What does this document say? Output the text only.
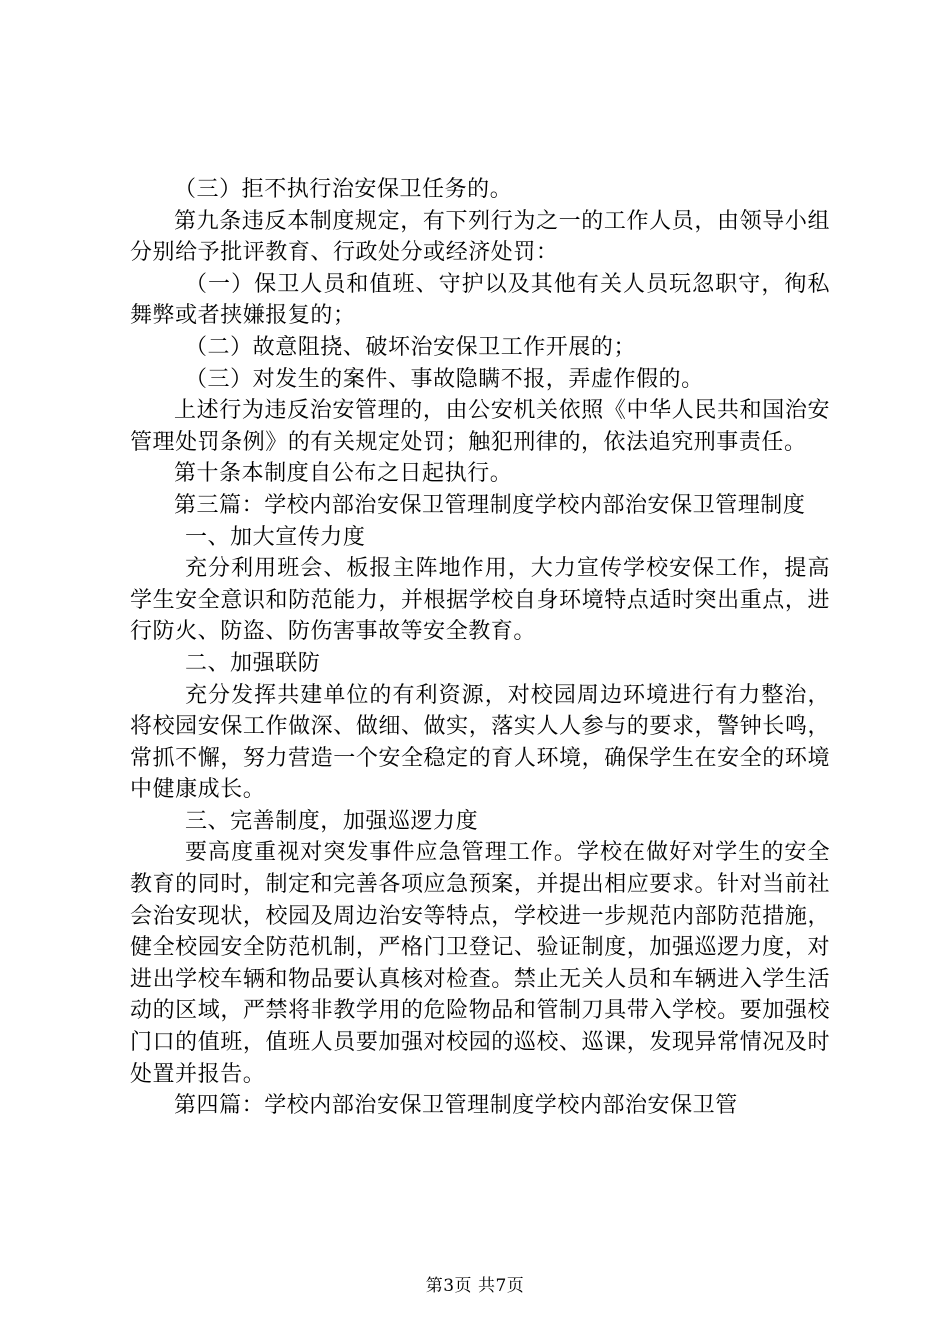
（三）拒不执行治安保卫任务的。

第九条违反本制度规定，有下列行为之一的工作人员，由领导小组分别给予批评教育、行政处分或经济处罚：

（一）保卫人员和值班、守护以及其他有关人员玩忽职守，徇私舞弊或者挟嫌报复的；

（二）故意阻挠、破坏治安保卫工作开展的；

（三）对发生的案件、事故隐瞒不报，弄虚作假的。

上述行为违反治安管理的，由公安机关依照《中华人民共和国治安管理处罚条例》的有关规定处罚；触犯刑律的，依法追究刑事责任。

第十条本制度自公布之日起执行。

第三篇：学校内部治安保卫管理制度学校内部治安保卫管理制度

一、加大宣传力度

充分利用班会、板报主阵地作用，大力宣传学校安保工作，提高学生安全意识和防范能力，并根据学校自身环境特点适时突出重点，进行防火、防盗、防伤害事故等安全教育。

二、加强联防

充分发挥共建单位的有利资源，对校园周边环境进行有力整治，将校园安保工作做深、做细、做实，落实人人参与的要求，警钟长鸣，常抓不懈，努力营造一个安全稳定的育人环境，确保学生在安全的环境中健康成长。

三、完善制度，加强巡逻力度

要高度重视对突发事件应急管理工作。学校在做好对学生的安全教育的同时，制定和完善各项应急预案，并提出相应要求。针对当前社会治安现状，校园及周边治安等特点，学校进一步规范内部防范措施，健全校园安全防范机制，严格门卫登记、验证制度，加强巡逻力度，对进出学校车辆和物品要认真核对检查。禁止无关人员和车辆进入学生活动的区域，严禁将非教学用的危险物品和管制刀具带入学校。要加强校门口的值班，值班人员要加强对校园的巡校、巡课，发现异常情况及时处置并报告。

第四篇：学校内部治安保卫管理制度学校内部治安保卫管

第3页 共7页
